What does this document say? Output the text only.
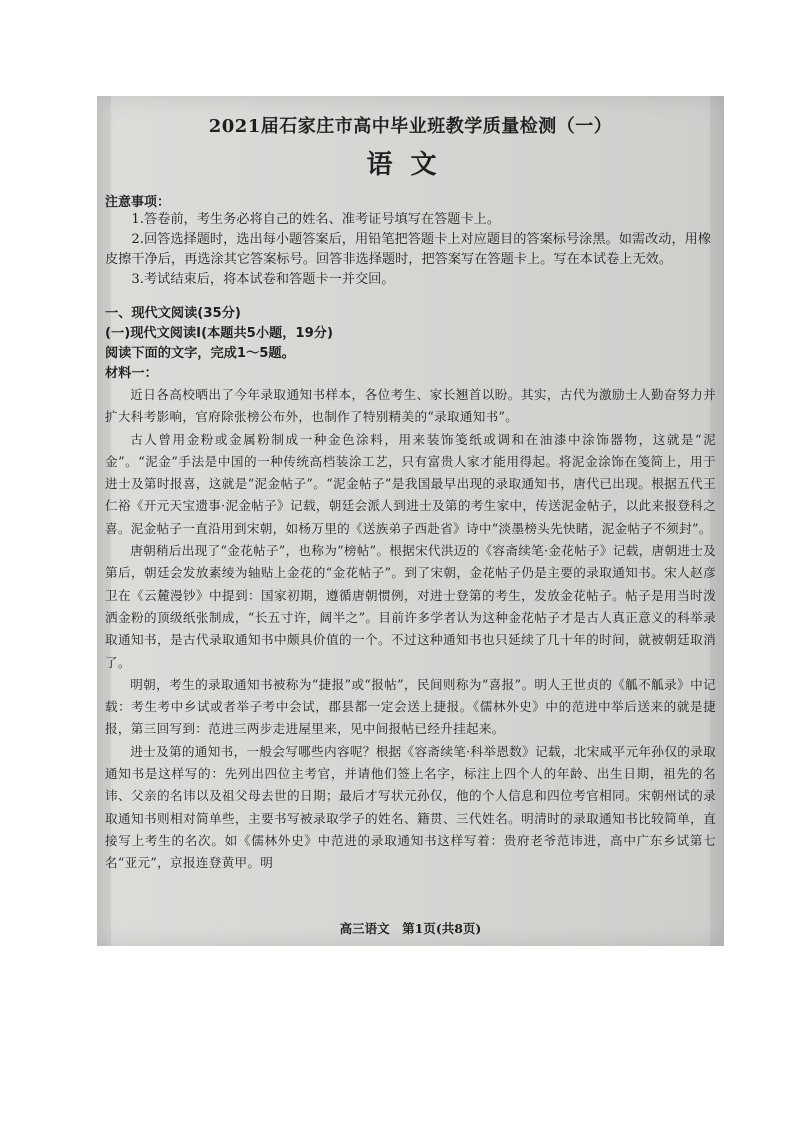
2021届石家庄市高中毕业班教学质量检测（一）
语文
注意事项：

1.答卷前，考生务必将自己的姓名、准考证号填写在答题卡上。

2.回答选择题时，选出每小题答案后，用铅笔把答题卡上对应题目的答案标号涂黑。如需改动，用橡皮擦干净后，再选涂其它答案标号。回答非选择题时，把答案写在答题卡上。写在本试卷上无效。

3.考试结束后，将本试卷和答题卡一并交回。

一、现代文阅读(35分)

(一)现代文阅读Ⅰ(本题共5小题，19分)

阅读下面的文字，完成1～5题。

材料一：

近日各高校晒出了今年录取通知书样本，各位考生、家长翘首以盼。其实，古代为激励士人勤奋努力并扩大科考影响，官府除张榜公布外，也制作了特别精美的“录取通知书”。

古人曾用金粉或金属粉制成一种金色涂料，用来装饰笺纸或调和在油漆中涂饰器物，这就是“泥金”。“泥金”手法是中国的一种传统高档装涂工艺，只有富贵人家才能用得起。将泥金涂饰在笺简上，用于进士及第时报喜，这就是“泥金帖子”。“泥金帖子”是我国最早出现的录取通知书，唐代已出现。根据五代王仁裕《开元天宝遗事·泥金帖子》记载，朝廷会派人到进士及第的考生家中，传送泥金帖子，以此来报登科之喜。泥金帖子一直沿用到宋朝，如杨万里的《送族弟子西赴省》诗中“淡墨榜头先快睹，泥金帖子不须封”。

唐朝稍后出现了“金花帖子”，也称为“榜帖”。根据宋代洪迈的《容斋续笔·金花帖子》记载，唐朝进士及第后，朝廷会发放素绫为轴贴上金花的“金花帖子”。到了宋朝，金花帖子仍是主要的录取通知书。宋人赵彦卫在《云麓漫钞》中提到：国家初期，遵循唐朝惯例，对进士登第的考生，发放金花帖子。帖子是用当时泼洒金粉的顶级纸张制成，“长五寸许，阔半之”。目前许多学者认为这种金花帖子才是古人真正意义的科举录取通知书，是古代录取通知书中颇具价值的一个。不过这种通知书也只延续了几十年的时间，就被朝廷取消了。

明朝，考生的录取通知书被称为“捷报”或“报帖”，民间则称为“喜报”。明人王世贞的《觚不觚录》中记载：考生考中乡试或者举子考中会试，郡县都一定会送上捷报。《儒林外史》中的范进中举后送来的就是捷报，第三回写到：范进三两步走进屋里来，见中间报帖已经升挂起来。

进士及第的通知书，一般会写哪些内容呢？根据《容斋续笔·科举恩数》记载，北宋咸平元年孙仅的录取通知书是这样写的：先列出四位主考官，并请他们签上名字，标注上四个人的年龄、出生日期，祖先的名讳、父亲的名讳以及祖父母去世的日期；最后才写状元孙仅，他的个人信息和四位考官相同。宋朝州试的录取通知书则相对简单些，主要书写被录取学子的姓名、籍贯、三代姓名。明清时的录取通知书比较简单，直接写上考生的名次。如《儒林外史》中范进的录取通知书这样写着：贵府老爷范讳进，高中广东乡试第七名“亚元”，京报连登黄甲。明

高三语文　第1页(共8页)
